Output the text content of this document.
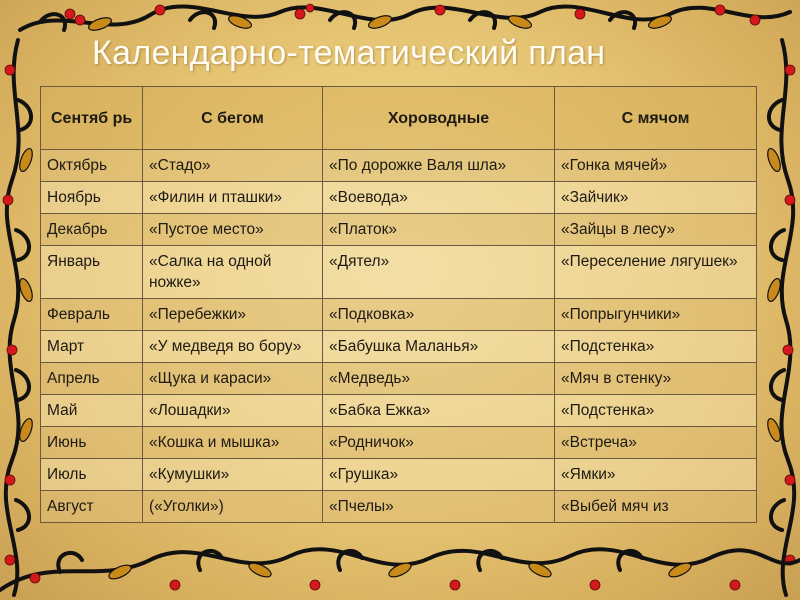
Календарно-тематический план
Сентяб рь	С бегом	Хороводные	С мячом
Октябрь	«Стадо»	«По дорожке Валя шла»	«Гонка мячей»
Ноябрь	«Филин и пташки»	«Воевода»	«Зайчик»
Декабрь	«Пустое место»	«Платок»	«Зайцы в лесу»
Январь	«Салка на одной ножке»	«Дятел»	«Переселение лягушек»
Февраль	«Перебежки»	«Подковка»	«Попрыгунчики»
Март	«У медведя во бору»	«Бабушка Маланья»	«Подстенка»
Апрель	«Щука и караси»	«Медведь»	«Мяч в стенку»
Май	«Лошадки»	«Бабка Ежка»	«Подстенка»
Июнь	«Кошка и мышка»	«Родничок»	«Встреча»
Июль	«Кумушки»	«Грушка»	«Ямки»
Август	(«Уголки»)	«Пчелы»	«Выбей мяч из
